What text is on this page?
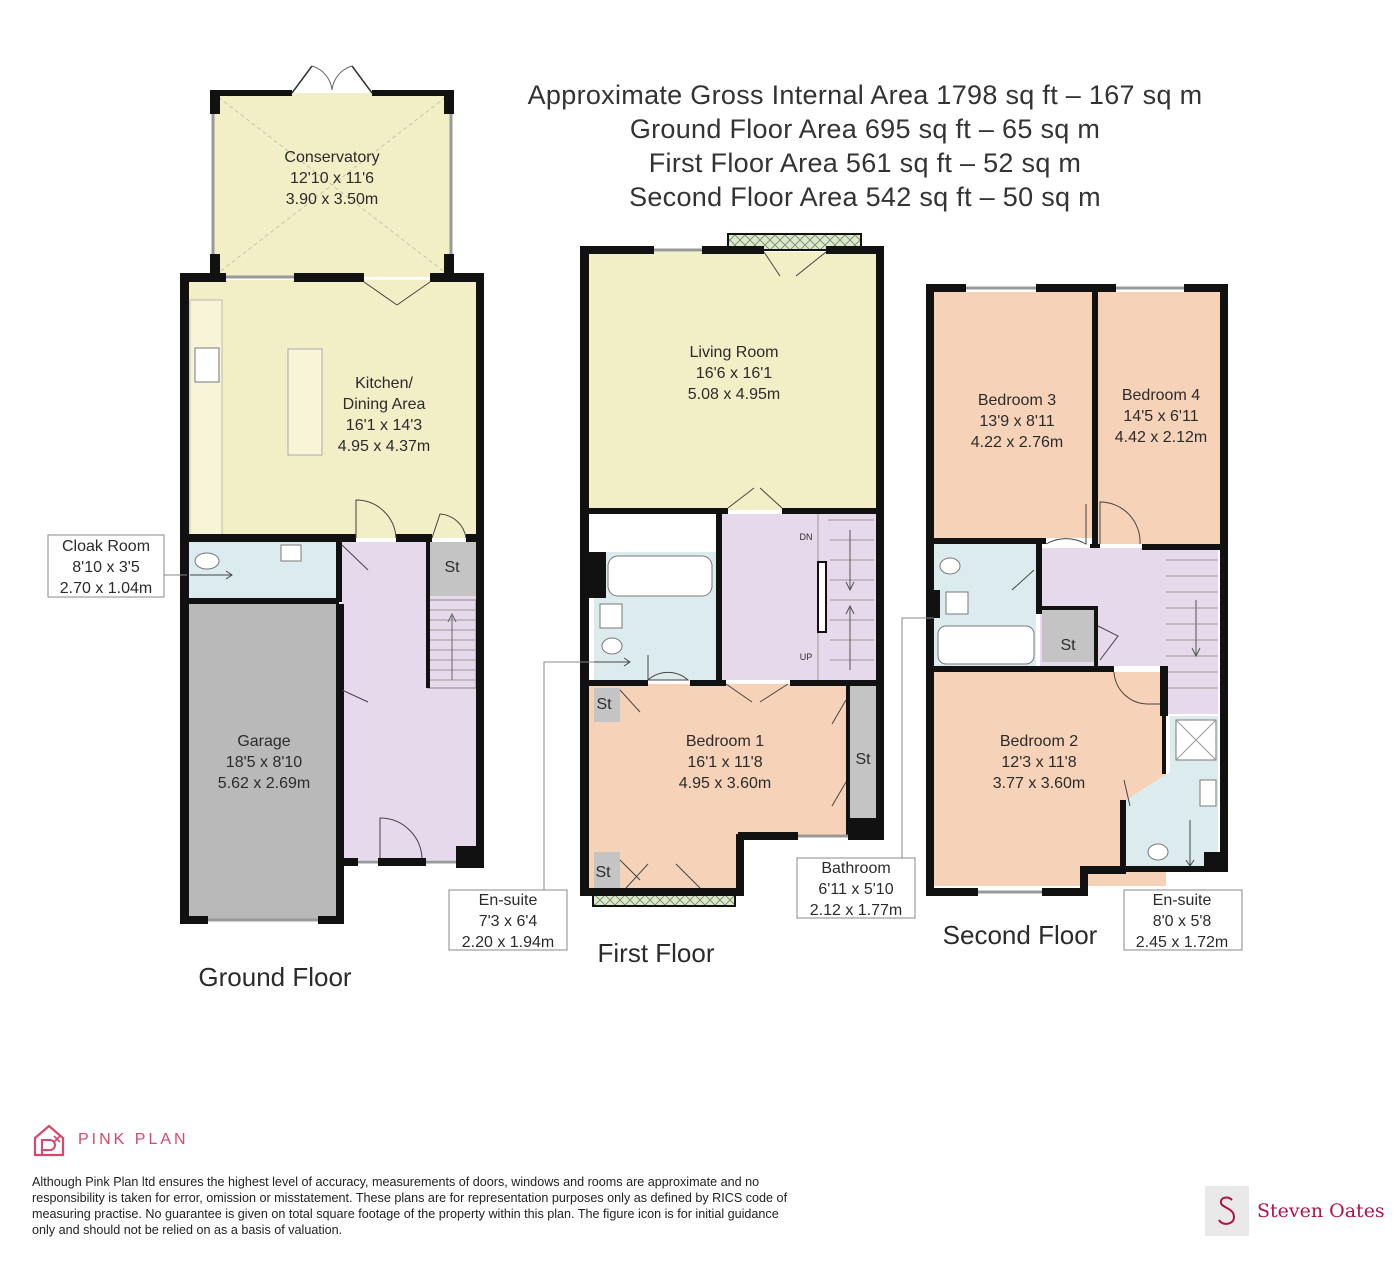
Approximate Gross Internal Area 1798 sq ft – 167 sq m
Ground Floor Area 695 sq ft – 65 sq m
First Floor Area 561 sq ft – 52 sq m
Second Floor Area 542 sq ft – 50 sq m
Conservatory
12'10 x 11'6
3.90 x 3.50m
Kitchen/
Dining Area
16'1 x 14'3
4.95 x 4.37m
St
Garage
18'5 x 8'10
5.62 x 2.69m
Living Room
16'6 x 16'1
5.08 x 4.95m
Bedroom 1
16'1 x 11'8
4.95 x 3.60m
St
St
St
DN
UP
Bedroom 3
13'9 x 8'11
4.22 x 2.76m
Bedroom 4
14'5 x 6'11
4.42 x 2.12m
St
Bedroom 2
12'3 x 11'8
3.77 x 3.60m
Cloak Room
8'10 x 3'5
2.70 x 1.04m
En-suite
7'3 x 6'4
2.20 x 1.94m
Bathroom
6'11 x 5'10
2.12 x 1.77m
En-suite
8'0 x 5'8
2.45 x 1.72m
Ground Floor
First Floor
Second Floor
PINK PLAN
Although Pink Plan ltd ensures the highest level of accuracy, measurements of doors, windows and rooms are approximate and no responsibility is taken for error, omission or misstatement. These plans are for representation purposes only as defined by RICS code of measuring practise. No guarantee is given on total square footage of the property within this plan. The figure icon is for initial guidance only and should not be relied on as a basis of valuation.
Steven Oates
